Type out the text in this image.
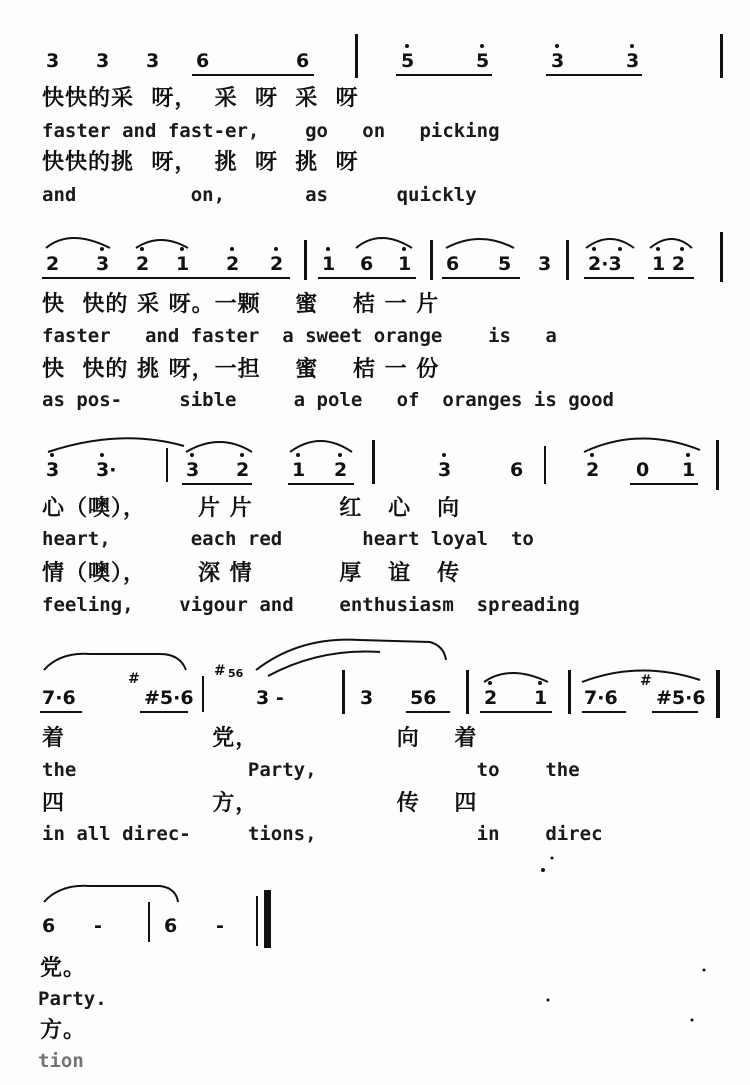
3 3 3 6	6	5	5	3	3
快快的采  呀，  采  呀  采  呀
faster and fast-er,    go   on   picking
快快的挑  呀，  挑  呀  挑  呀
and          on,       as      quickly
2 3 2 1 2 2 1 6 1 6 5 3 2·3 1 2
快  快的 采 呀。一颗    蜜    桔 一 片
faster   and faster  a sweet orange    is   a
快  快的 挑 呀，一担    蜜    桔 一 份
as pos-     sible     a pole   of  oranges is good
3 3·	3 2 1 2	3	6	2 0 1
心（噢），      片 片          红   心   向
heart,       each red       heart loyal  to
情（噢），      深 情          厚   谊   传
feeling,    vigour and    enthusiasm  spreading
7·6
#
#5·6
# 56
3 -	3 56	2 1 7·6
#
#5·6
着                 党，                向    着
the               Party,              to    the
四                 方，                传    四
in all direc-     tions,              in    direc
6 -	6 -
党。
Party.
方。
tion
